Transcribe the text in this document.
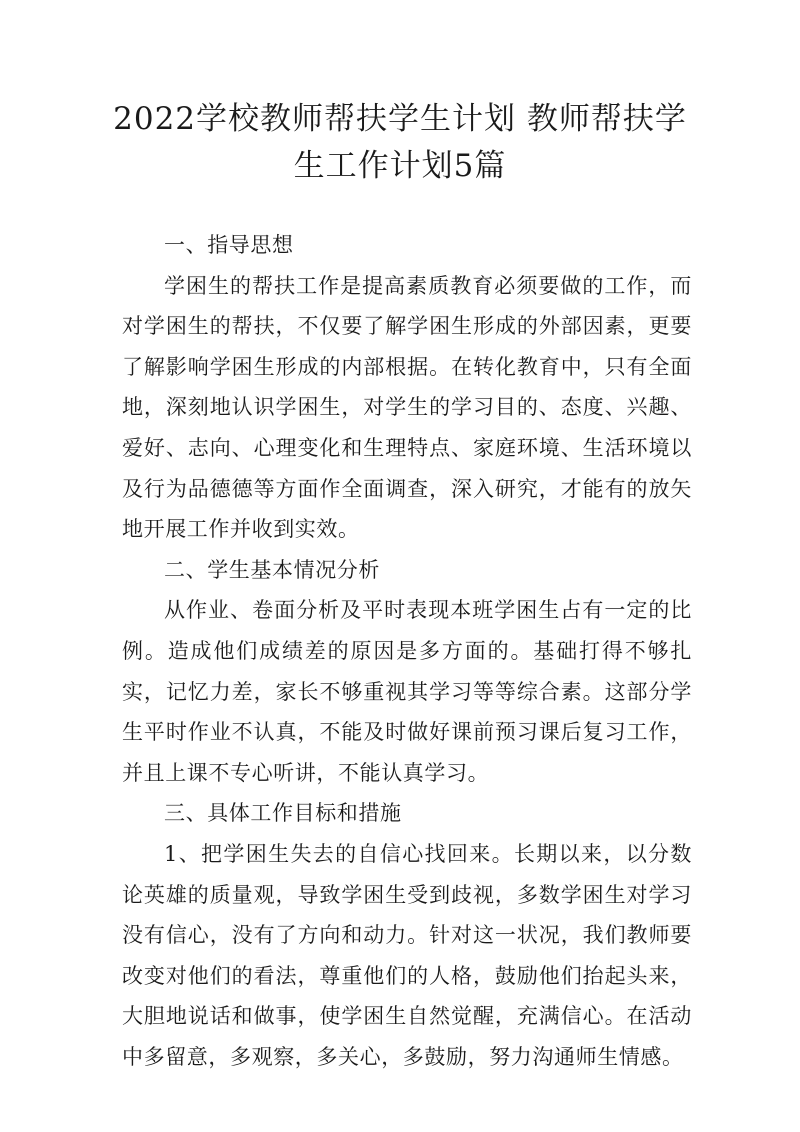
2022学校教师帮扶学生计划 教师帮扶学生工作计划5篇

一、指导思想

学困生的帮扶工作是提高素质教育必须要做的工作，而对学困生的帮扶，不仅要了解学困生形成的外部因素，更要了解影响学困生形成的内部根据。在转化教育中，只有全面地，深刻地认识学困生，对学生的学习目的、态度、兴趣、爱好、志向、心理变化和生理特点、家庭环境、生活环境以及行为品德德等方面作全面调查，深入研究，才能有的放矢地开展工作并收到实效。

二、学生基本情况分析

从作业、卷面分析及平时表现本班学困生占有一定的比例。造成他们成绩差的原因是多方面的。基础打得不够扎实，记忆力差，家长不够重视其学习等等综合素。这部分学生平时作业不认真，不能及时做好课前预习课后复习工作，并且上课不专心听讲，不能认真学习。

三、具体工作目标和措施

1、把学困生失去的自信心找回来。长期以来，以分数论英雄的质量观，导致学困生受到歧视，多数学困生对学习没有信心，没有了方向和动力。针对这一状况，我们教师要改变对他们的看法，尊重他们的人格，鼓励他们抬起头来，大胆地说话和做事，使学困生自然觉醒，充满信心。在活动中多留意，多观察，多关心，多鼓励，努力沟通师生情感。
